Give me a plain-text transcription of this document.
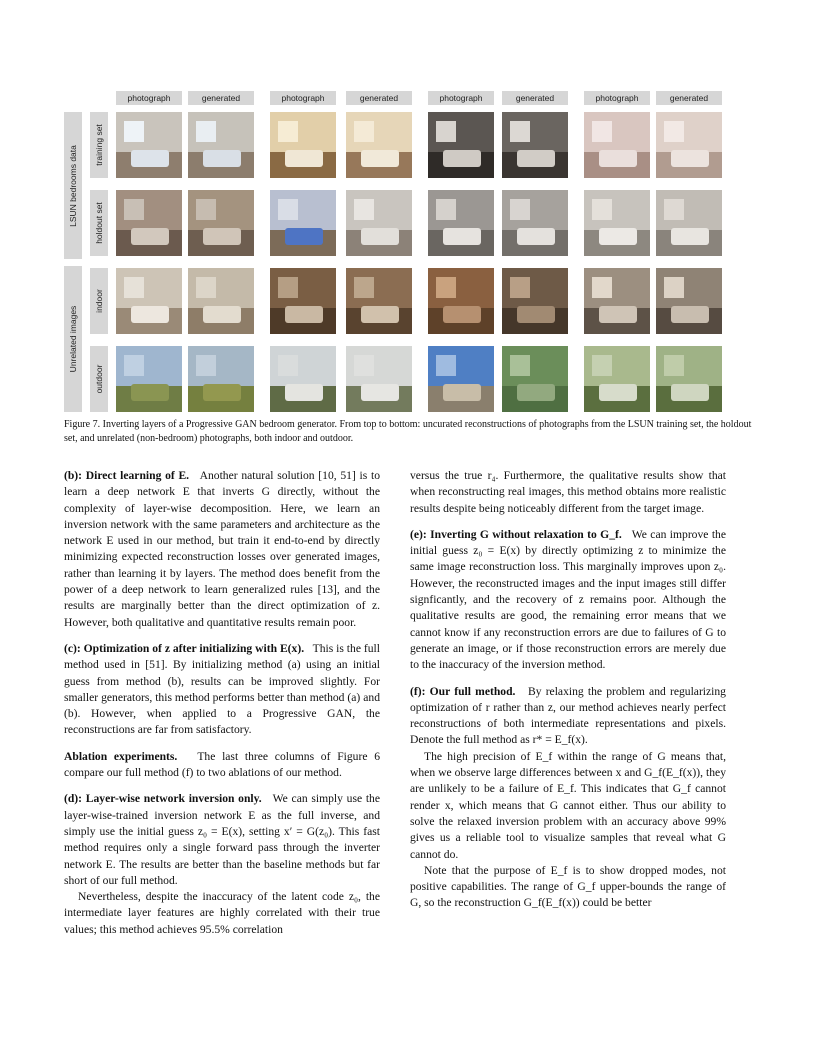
photograph	generated	photograph	generated	photograph	generated	photograph	generated
LSUN bedrooms data
Unrelated images
training set
holdout set
indoor
outdoor
Figure 7. Inverting layers of a Progressive GAN bedroom generator. From top to bottom: uncurated reconstructions of photographs from the LSUN training set, the holdout set, and unrelated (non-bedroom) photographs, both indoor and outdoor.

(b): Direct learning of E. Another natural solution [10, 51] is to learn a deep network E that inverts G directly, without the complexity of layer-wise decomposition. Here, we learn an inversion network with the same parameters and architecture as the network E used in our method, but train it end-to-end by directly minimizing expected reconstruction losses over generated images, rather than learning it by layers. The method does benefit from the power of a deep network to learn generalized rules [13], and the results are marginally better than the direct optimization of z. However, both qualitative and quantitative results remain poor.

(c): Optimization of z after initializing with E(x). This is the full method used in [51]. By initializing method (a) using an initial guess from method (b), results can be improved slightly. For smaller generators, this method performs better than method (a) and (b). However, when applied to a Progressive GAN, the reconstructions are far from satisfactory.

Ablation experiments. The last three columns of Figure 6 compare our full method (f) to two ablations of our method.

(d): Layer-wise network inversion only. We can simply use the layer-wise-trained inversion network E as the full inverse, and simply use the initial guess z₀ = E(x), setting x′ = G(z₀). This fast method requires only a single forward pass through the inverter network E. The results are better than the baseline methods but far short of our full method.

Nevertheless, despite the inaccuracy of the latent code z₀, the intermediate layer features are highly correlated with their true values; this method achieves 95.5% correlation

versus the true r₄. Furthermore, the qualitative results show that when reconstructing real images, this method obtains more realistic results despite being noticeably different from the target image.

(e): Inverting G without relaxation to G_f. We can improve the initial guess z₀ = E(x) by directly optimizing z to minimize the same image reconstruction loss. This marginally improves upon z₀. However, the reconstructed images and the input images still differ signficantly, and the recovery of z remains poor. Although the qualitative results are good, the remaining error means that we cannot know if any reconstruction errors are due to failures of G to generate an image, or if those reconstruction errors are merely due to the inaccuracy of the inversion method.

(f): Our full method. By relaxing the problem and regularizing optimization of r rather than z, our method achieves nearly perfect reconstructions of both intermediate representations and pixels. Denote the full method as r* = E_f(x).

The high precision of E_f within the range of G means that, when we observe large differences between x and G_f(E_f(x)), they are unlikely to be a failure of E_f. This indicates that G_f cannot render x, which means that G cannot either. Thus our ability to solve the relaxed inversion problem with an accuracy above 99% gives us a reliable tool to visualize samples that reveal what G cannot do.

Note that the purpose of E_f is to show dropped modes, not positive capabilities. The range of G_f upper-bounds the range of G, so the reconstruction G_f(E_f(x)) could be better
